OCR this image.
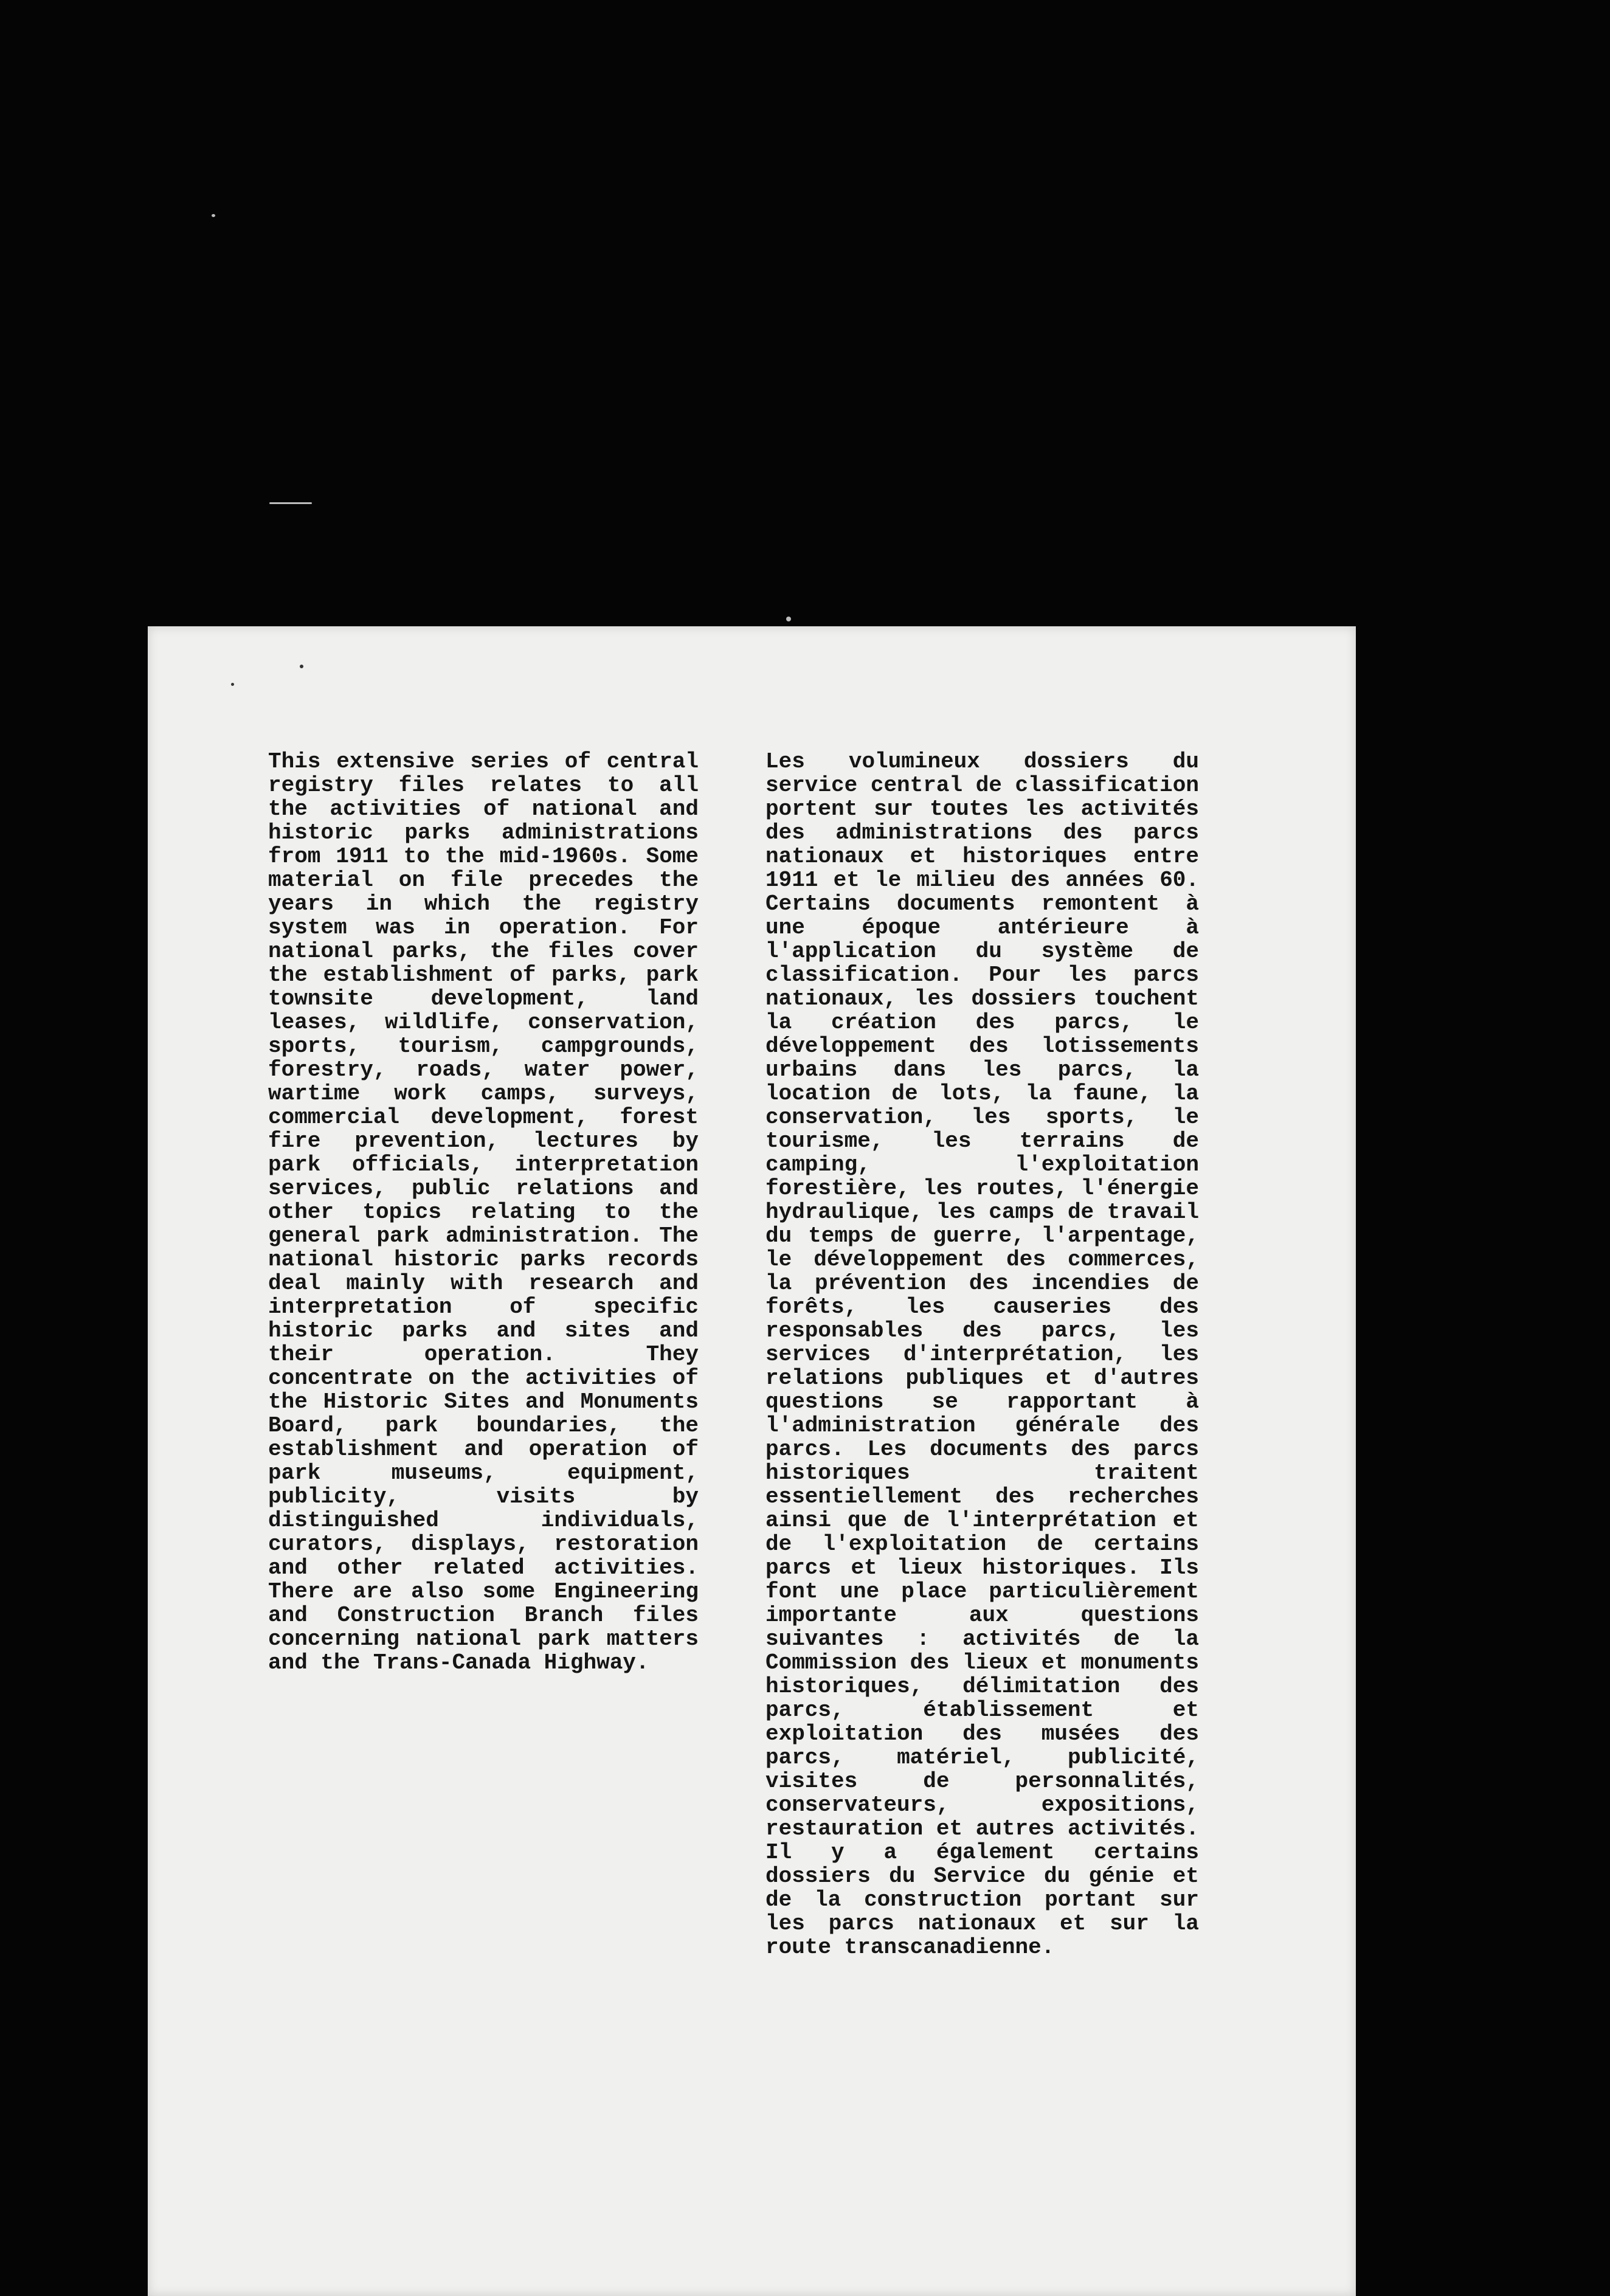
This extensive series of central registry files relates to all the activities of national and historic parks administrations from 1911 to the mid-1960s. Some material on file precedes the years in which the registry system was in operation. For national parks, the files cover the establishment of parks, park townsite development, land leases, wildlife, conservation, sports, tourism, campgrounds, forestry, roads, water power, wartime work camps, surveys, commercial development, forest fire prevention, lectures by park officials, interpretation services, public relations and other topics relating to the general park administration. The national historic parks records deal mainly with research and interpretation of specific historic parks and sites and their operation. They concentrate on the activities of the Historic Sites and Monuments Board, park boundaries, the establishment and operation of park museums, equipment, publicity, visits by distinguished individuals, curators, displays, restoration and other related activities. There are also some Engineering and Construction Branch files concerning national park matters and the Trans-Canada Highway.
Les volumineux dossiers du service central de classification portent sur toutes les activités des administrations des parcs nationaux et historiques entre 1911 et le milieu des années 60. Certains documents remontent à une époque antérieure à l'application du système de classification. Pour les parcs nationaux, les dossiers touchent la création des parcs, le développement des lotissements urbains dans les parcs, la location de lots, la faune, la conservation, les sports, le tourisme, les terrains de camping, l'exploitation forestière, les routes, l'énergie hydraulique, les camps de travail du temps de guerre, l'arpentage, le développement des commerces, la prévention des incendies de forêts, les causeries des responsables des parcs, les services d'interprétation, les relations publiques et d'autres questions se rapportant à l'administration générale des parcs. Les documents des parcs historiques traitent essentiellement des recherches ainsi que de l'interprétation et de l'exploitation de certains parcs et lieux historiques. Ils font une place particulièrement importante aux questions suivantes : activités de la Commission des lieux et monuments historiques, délimitation des parcs, établissement et exploitation des musées des parcs, matériel, publicité, visites de personnalités, conservateurs, expositions, restauration et autres activités. Il y a également certains dossiers du Service du génie et de la construction portant sur les parcs nationaux et sur la route transcanadienne.
